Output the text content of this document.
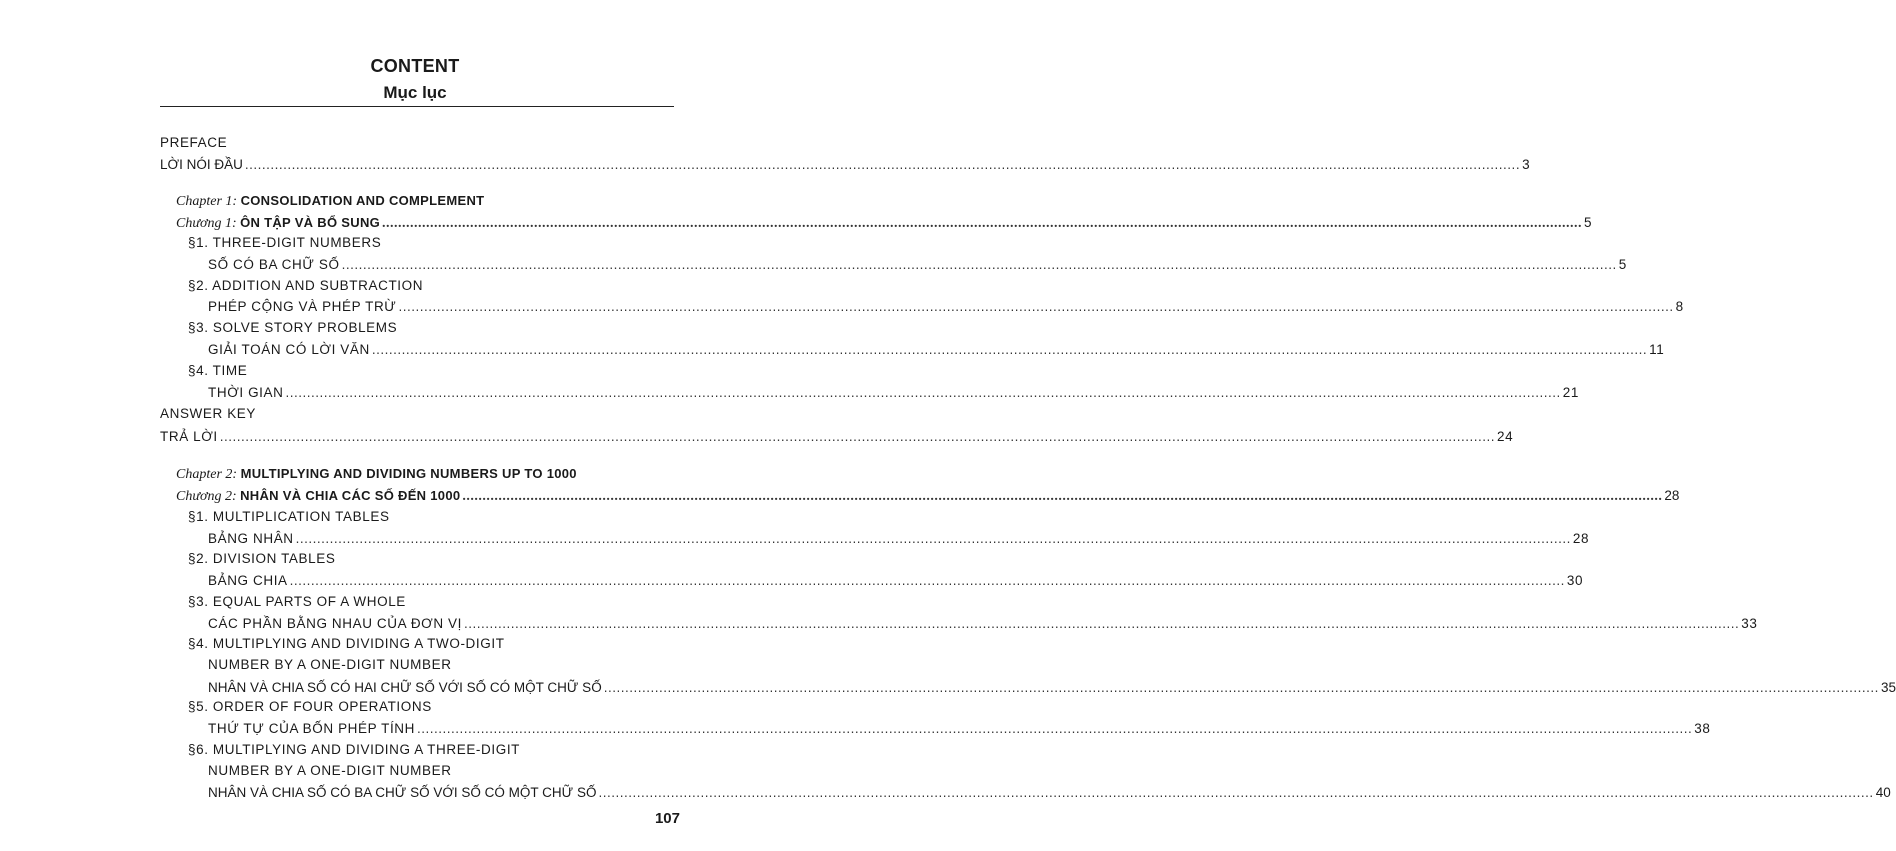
CONTENT
Mục lục
PREFACE
LỜI NÓI ĐẦU ............................................................................................................................................................................................................................................................................................................ 3
Chapter 1:
CONSOLIDATION AND COMPLEMENT
Chương 1:
ÔN TẬP VÀ BỔ SUNG ............................................................................................................................................................................................................................................................................................................ 5
§1. THREE-DIGIT NUMBERS
SỐ CÓ BA CHỮ SỐ ............................................................................................................................................................................................................................................................................................................ 5
§2. ADDITION AND SUBTRACTION
PHÉP CỘNG VÀ PHÉP TRỪ ............................................................................................................................................................................................................................................................................................................ 8
§3. SOLVE STORY PROBLEMS
GIẢI TOÁN CÓ LỜI VĂN ............................................................................................................................................................................................................................................................................................................ 11
§4. TIME
THỜI GIAN ............................................................................................................................................................................................................................................................................................................ 21
ANSWER KEY
TRẢ LỜI ............................................................................................................................................................................................................................................................................................................ 24
Chapter 2:
MULTIPLYING AND DIVIDING NUMBERS UP TO 1000
Chương 2:
NHÂN VÀ CHIA CÁC SỐ ĐẾN 1000 ............................................................................................................................................................................................................................................................................................................ 28
§1. MULTIPLICATION TABLES
BẢNG NHÂN ............................................................................................................................................................................................................................................................................................................ 28
§2. DIVISION TABLES
BẢNG CHIA ............................................................................................................................................................................................................................................................................................................ 30
§3. EQUAL PARTS OF A WHOLE
CÁC PHẦN BẰNG NHAU CỦA ĐƠN VỊ ............................................................................................................................................................................................................................................................................................................ 33
§4. MULTIPLYING AND DIVIDING A TWO-DIGIT
NUMBER BY A ONE-DIGIT NUMBER
NHÂN VÀ CHIA SỐ CÓ HAI CHỮ SỐ VỚI SỐ CÓ MỘT CHỮ SỐ ............................................................................................................................................................................................................................................................................................................ 35
§5. ORDER OF FOUR OPERATIONS
THỨ TỰ CỦA BỐN PHÉP TÍNH ............................................................................................................................................................................................................................................................................................................ 38
§6. MULTIPLYING AND DIVIDING A THREE-DIGIT
NUMBER BY A ONE-DIGIT NUMBER
NHÂN VÀ CHIA SỐ CÓ BA CHỮ SỐ VỚI SỐ CÓ MỘT CHỮ SỐ ............................................................................................................................................................................................................................................................................................................ 40
107
